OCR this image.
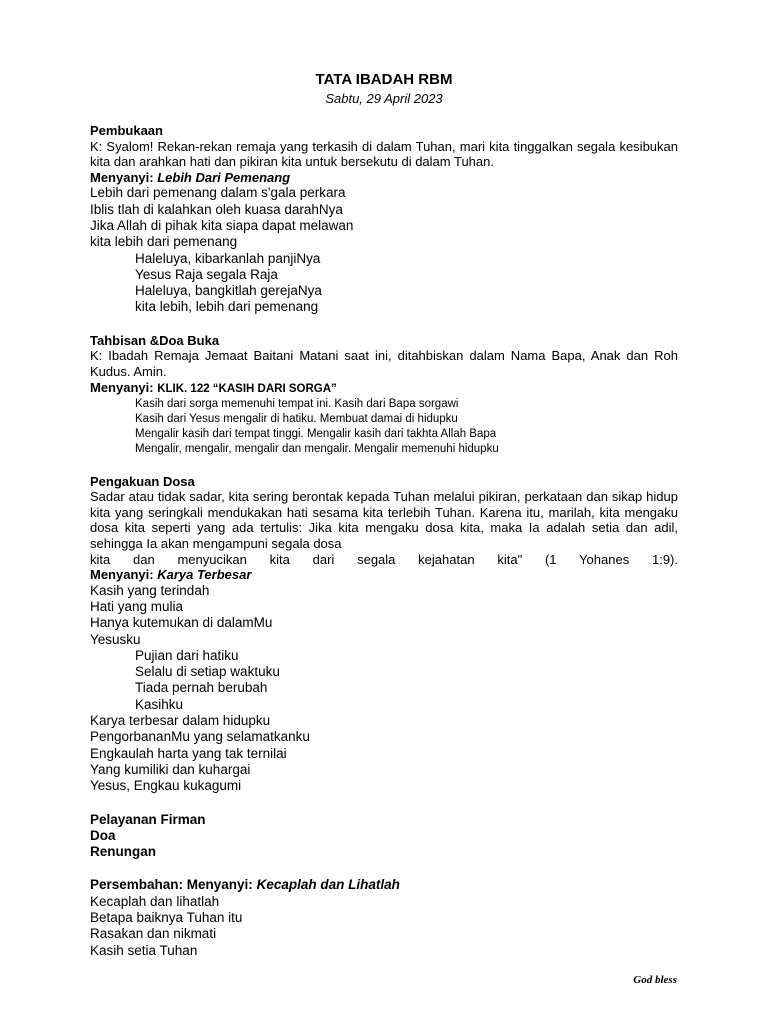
TATA IBADAH RBM
Sabtu, 29 April 2023
Pembukaan
K: Syalom! Rekan-rekan remaja yang terkasih di dalam Tuhan, mari kita tinggalkan segala kesibukan kita dan arahkan hati dan pikiran kita untuk bersekutu di dalam Tuhan.
Menyanyi: Lebih Dari Pemenang
Lebih dari pemenang dalam s'gala perkara
Iblis tlah di kalahkan oleh kuasa darahNya
Jika Allah di pihak kita siapa dapat melawan
kita lebih dari pemenang
Haleluya, kibarkanlah panjiNya
Yesus Raja segala Raja
Haleluya, bangkitlah gerejaNya
kita lebih, lebih dari pemenang
Tahbisan &Doa Buka
K: Ibadah Remaja Jemaat Baitani Matani saat ini, ditahbiskan dalam Nama Bapa, Anak dan Roh Kudus. Amin.
Menyanyi: KLIK. 122 “KASIH DARI SORGA”
Kasih dari sorga memenuhi tempat ini. Kasih dari Bapa sorgawi
Kasih dari Yesus mengalir di hatiku. Membuat damai di hidupku
Mengalir kasih dari tempat tinggi. Mengalir kasih dari takhta Allah Bapa
Mengalir, mengalir, mengalir dan mengalir. Mengalir memenuhi hidupku
Pengakuan Dosa
Sadar atau tidak sadar, kita sering berontak kepada Tuhan melalui pikiran, perkataan dan sikap hidup kita yang seringkali mendukakan hati sesama kita terlebih Tuhan. Karena itu, marilah, kita mengaku dosa kita seperti yang ada tertulis: Jika kita mengaku dosa kita, maka Ia adalah setia dan adil, sehingga Ia akan mengampuni segala dosa
kita dan menyucikan kita dari segala kejahatan kita" (1 Yohanes 1:9).
Menyanyi: Karya Terbesar
Kasih yang terindah
Hati yang mulia
Hanya kutemukan di dalamMu
Yesusku
Pujian dari hatiku
Selalu di setiap waktuku
Tiada pernah berubah
Kasihku
Karya terbesar dalam hidupku
PengorbananMu yang selamatkanku
Engkaulah harta yang tak ternilai
Yang kumiliki dan kuhargai
Yesus, Engkau kukagumi
Pelayanan Firman
Doa
Renungan
Persembahan: Menyanyi: Kecaplah dan Lihatlah
Kecaplah dan lihatlah
Betapa baiknya Tuhan itu
Rasakan dan nikmati
Kasih setia Tuhan
God bless
